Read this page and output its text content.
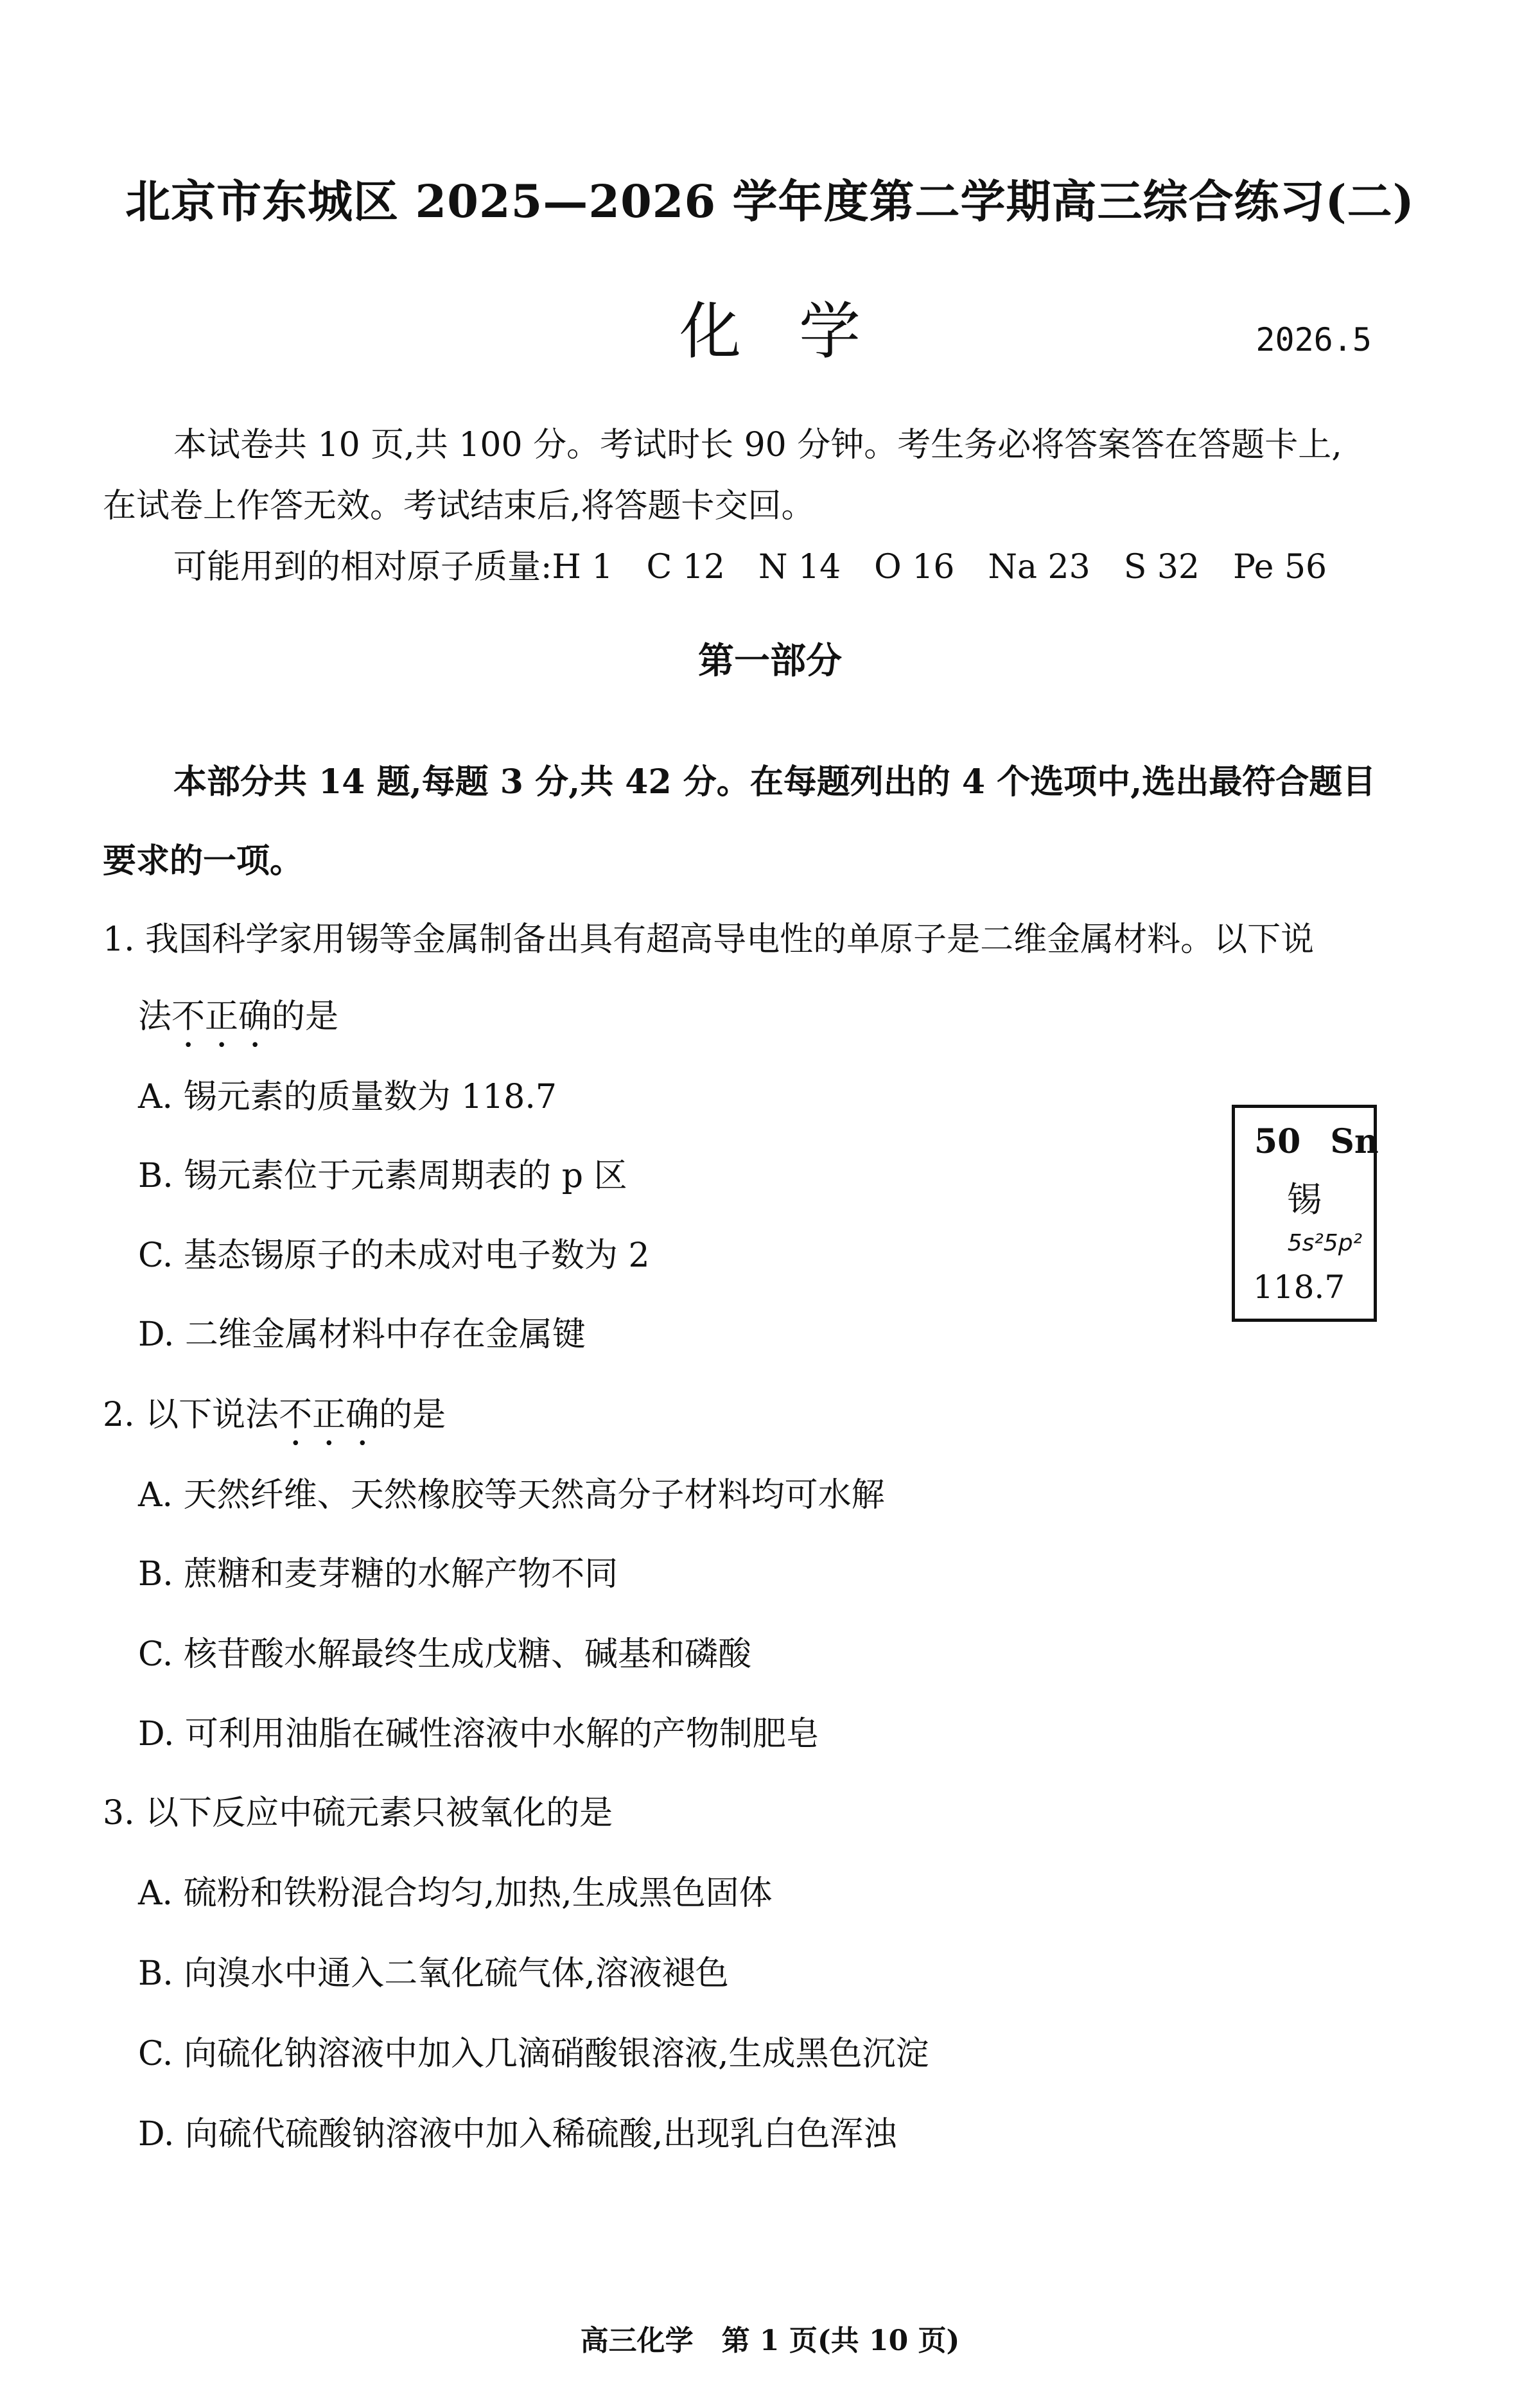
北京市东城区 2025—2026 学年度第二学期高三综合练习(二)
化学	2026.5
本试卷共 10 页,共 100 分。考试时长 90 分钟。考生务必将答案答在答题卡上,
在试卷上作答无效。考试结束后,将答题卡交回。
可能用到的相对原子质量:H 1　C 12　N 14　O 16　Na 23　S 32　Pe 56
第一部分
本部分共 14 题,每题 3 分,共 42 分。在每题列出的 4 个选项中,选出最符合题目
要求的一项。
1. 我国科学家用锡等金属制备出具有超高导电性的单原子是二维金属材料。以下说
法不正确的是
A. 锡元素的质量数为 118.7
B. 锡元素位于元素周期表的 p 区
C. 基态锡原子的未成对电子数为 2
D. 二维金属材料中存在金属键
50 Sn
锡
5s²5p²
118.7
2. 以下说法不正确的是
A. 天然纤维、天然橡胶等天然高分子材料均可水解
B. 蔗糖和麦芽糖的水解产物不同
C. 核苷酸水解最终生成戊糖、碱基和磷酸
D. 可利用油脂在碱性溶液中水解的产物制肥皂
3. 以下反应中硫元素只被氧化的是
A. 硫粉和铁粉混合均匀,加热,生成黑色固体
B. 向溴水中通入二氧化硫气体,溶液褪色
C. 向硫化钠溶液中加入几滴硝酸银溶液,生成黑色沉淀
D. 向硫代硫酸钠溶液中加入稀硫酸,出现乳白色浑浊
高三化学　第 1 页(共 10 页)
